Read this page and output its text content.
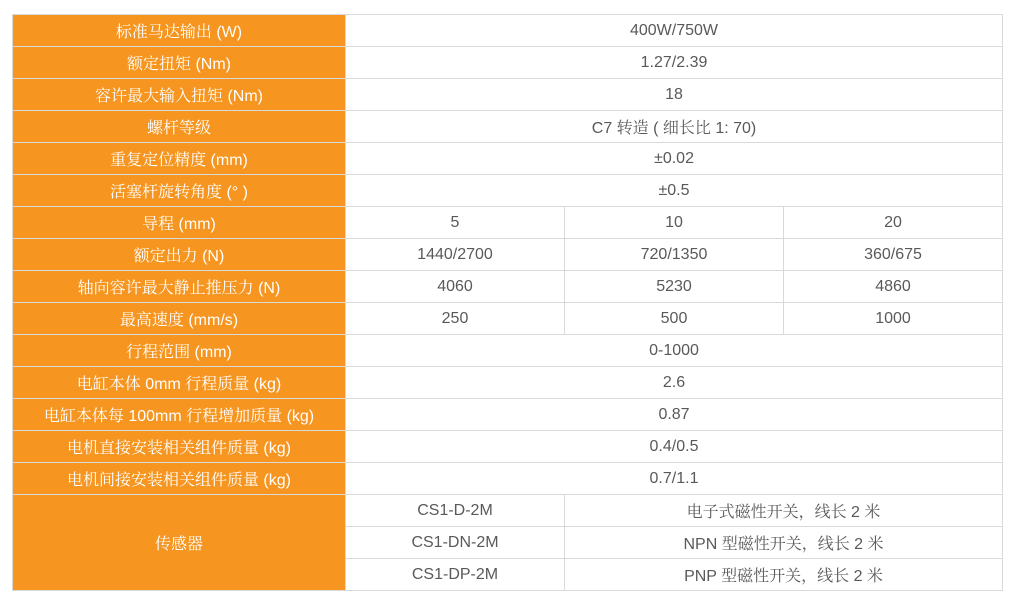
标准马达输出 (W)	400W/750W		
额定扭矩 (Nm)	1.27/2.39		
容许最大输入扭矩 (Nm)	18		
螺杆等级	C7 转造 ( 细长比 1: 70)		
重复定位精度 (mm)	±0.02		
活塞杆旋转角度 (° )	±0.5		
导程 (mm)	5	10	20
额定出力 (N)	1440/2700	720/1350	360/675
轴向容许最大静止推压力 (N)	4060	5230	4860
最高速度 (mm/s)	250	500	1000
行程范围 (mm)	0-1000		
电缸本体 0mm 行程质量 (kg)	2.6		
电缸本体每 100mm 行程增加质量 (kg)	0.87		
电机直接安装相关组件质量 (kg)	0.4/0.5		
电机间接安装相关组件质量 (kg)	0.7/1.1		
传感器	CS1-D-2M	电子式磁性开关，线长 2 米	
	CS1-DN-2M	NPN 型磁性开关，线长 2 米	
	CS1-DP-2M	PNP 型磁性开关，线长 2 米	
